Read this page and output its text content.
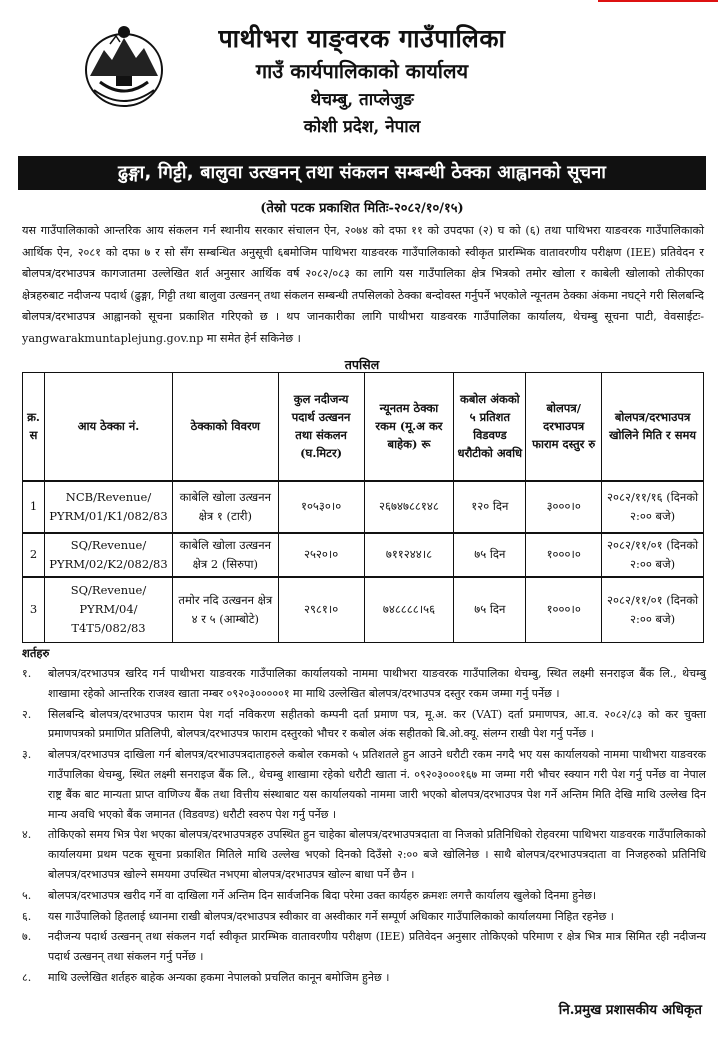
पाथीभरा याङ्वरक गाउँपालिका
गाउँ कार्यपालिकाको कार्यालय
थेचम्बु, ताप्लेजुङ
कोशी प्रदेश, नेपाल
ढुङ्गा, गिट्टी, बालुवा उत्खनन् तथा संकलन सम्बन्धी ठेक्का आह्वानको सूचना
(तेस्रो पटक प्रकाशित मितिः-२०८२/१०/१५)
यस गाउँपालिकाको आन्तरिक आय संकलन गर्न स्थानीय सरकार संचालन ऐन, २०७४ को दफा ११ को उपदफा (२) घ को (६) तथा पाथिभरा याङवरक गाउँपालिकाको आर्थिक ऐन, २०८१ को दफा ७ र सो सँग सम्बन्धित अनुसूची ६बमोजिम पाथिभरा याङवरक गाउँपालिकाको स्वीकृत प्रारम्भिक वातावरणीय परीक्षण (IEE) प्रतिवेदन र बोलपत्र/दरभाउपत्र कागजातमा उल्लेखित शर्त अनुसार आर्थिक वर्ष २०८२/०८३ का लागि यस गाउँपालिका क्षेत्र भित्रको तमोर खोला र काबेली खोलाको तोकीएका क्षेत्रहरुबाट नदीजन्य पदार्थ (ढुङ्गा, गिट्टी तथा बालुवा उत्खनन् तथा संकलन सम्बन्धी तपसिलको ठेक्का बन्दोवस्त गर्नुपर्ने भएकोले न्यूनतम ठेक्का अंकमा नघट्ने गरी सिलबन्दि बोलपत्र/दरभाउपत्र आह्वानको सूचना प्रकाशित गरिएको छ । थप जानकारीका लागि पाथीभरा याङवरक गाउँपालिका कार्यालय, थेचम्बु सूचना पाटी, वेवसाईटः- yangwarakmuntaplejung.gov.np मा समेत हेर्न सकिनेछ ।
तपसिल
क्र. स	आय ठेक्का नं.	ठेक्काको विवरण	कुल नदीजन्य पदार्थ उत्खनन तथा संकलन (घ.मिटर)	न्यूनतम ठेक्का रकम (मू.अ कर बाहेक) रू	कबोल अंकको ५ प्रतिशत विडवण्ड धरौटीको अवधि	बोलपत्र/ दरभाउपत्र फाराम दस्तुर रु	बोलपत्र/दरभाउपत्र खोलिने मिति र समय
1	NCB/Revenue/ PYRM/01/K1/082/83	काबेलि खोला उत्खनन क्षेत्र १ (टारी)	१०५३०।०	२६७४७८८१४८	१२० दिन	३०००।०	२०८२/११/१६ (दिनको २:०० बजे)
2	SQ/Revenue/ PYRM/02/K2/082/83	काबेलि खोला उत्खनन क्षेत्र 2 (सिरुपा)	२५२०।०	७११२४४।८	७५ दिन	१०००।०	२०८२/११/०१ (दिनको २:०० बजे)
3	SQ/Revenue/ PYRM/04/ T4T5/082/83	तमोर नदि उत्खनन क्षेत्र ४ र ५ (आम्बोटे)	२९८१।०	७४८८८८।५६	७५ दिन	१०००।०	२०८२/११/०१ (दिनको २:०० बजे)
शर्तहरु
१.	बोलपत्र/दरभाउपत्र खरिद गर्न पाथीभरा याङवरक गाउँपालिका कार्यालयको नाममा पाथीभरा याङवरक गाउँपालिका थेचम्बु, स्थित लक्ष्मी सनराइज बैंक लि., थेचम्बु शाखामा रहेको आन्तरिक राजश्व खाता नम्बर ०९२०३०००००१ मा माथि उल्लेखित बोलपत्र/दरभाउपत्र दस्तुर रकम जम्मा गर्नु पर्नेछ ।
२.	सिलबन्दि बोलपत्र/दरभाउपत्र फाराम पेश गर्दा नविकरण सहीतको कम्पनी दर्ता प्रमाण पत्र, मू.अ. कर (VAT) दर्ता प्रमाणपत्र, आ.व. २०८२/८३ को कर चुक्ता प्रमाणपत्रको प्रमाणित प्रतिलिपी, बोलपत्र/दरभाउपत्र फाराम दस्तुरको भौचर र कबोल अंक सहीतको बि.ओ.क्यू. संलग्न राखी पेश गर्नु पर्नेछ ।
३.	बोलपत्र/दरभाउपत्र दाखिला गर्न बोलपत्र/दरभाउपत्रदाताहरुले कबोल रकमको ५ प्रतिशतले हुन आउने धरौटी रकम नगदै भए यस कार्यालयको नाममा पाथीभरा याङवरक गाउँपालिका थेचम्बु, स्थित लक्ष्मी सनराइज बैंक लि., थेचम्बु शाखामा रहेको धरौटी खाता नं. ०९२०३०००१६७ मा जम्मा गरी भौचर स्क्यान गरी पेश गर्नु पर्नेछ वा नेपाल राष्ट्र बैंक बाट मान्यता प्राप्त वाणिज्य बैंक तथा वित्तीय संस्थाबाट यस कार्यालयको नाममा जारी भएको बोलपत्र/दरभाउपत्र पेश गर्ने अन्तिम मिति देखि माथि उल्लेख दिन मान्य अवधि भएको बैंक जमानत (विडवण्ड) धरौटी स्वरुप पेश गर्नु पर्नेछ ।
४.	तोकिएको समय भित्र पेश भएका बोलपत्र/दरभाउपत्रहरु उपस्थित हुन चाहेका बोलपत्र/दरभाउपत्रदाता वा निजको प्रतिनिधिको रोहवरमा पाथिभरा याङवरक गाउँपालिकाको कार्यालयमा प्रथम पटक सूचना प्रकाशित मितिले माथि उल्लेख भएको दिनको दिउँसो २:०० बजे खोलिनेछ । साथै बोलपत्र/दरभाउपत्रदाता वा निजहरुको प्रतिनिधि बोलपत्र/दरभाउपत्र खोल्ने समयमा उपस्थित नभएमा बोलपत्र/दरभाउपत्र खोल्न बाधा पर्ने छैन ।
५.	बोलपत्र/दरभाउपत्र खरीद गर्ने वा दाखिला गर्ने अन्तिम दिन सार्वजनिक बिदा परेमा उक्त कार्यहरु क्रमशः लगत्तै कार्यालय खुलेको दिनमा हुनेछ।
६.	यस गाउँपालिको हितलाई ध्यानमा राखी बोलपत्र/दरभाउपत्र स्वीकार वा अस्वीकार गर्ने सम्पूर्ण अधिकार गाउँपालिकाको कार्यालयमा निहित रहनेछ ।
७.	नदीजन्य पदार्थ उत्खनन् तथा संकलन गर्दा स्वीकृत प्रारम्भिक वातावरणीय परीक्षण (IEE) प्रतिवेदन अनुसार तोकिएको परिमाण र क्षेत्र भित्र मात्र सिमित रही नदीजन्य पदार्थ उत्खनन् तथा संकलन गर्नु पर्नेछ ।
८.	माथि उल्लेखित शर्तहरु बाहेक अन्यका हकमा नेपालको प्रचलित कानून बमोजिम हुनेछ ।
नि.प्रमुख प्रशासकीय अधिकृत
